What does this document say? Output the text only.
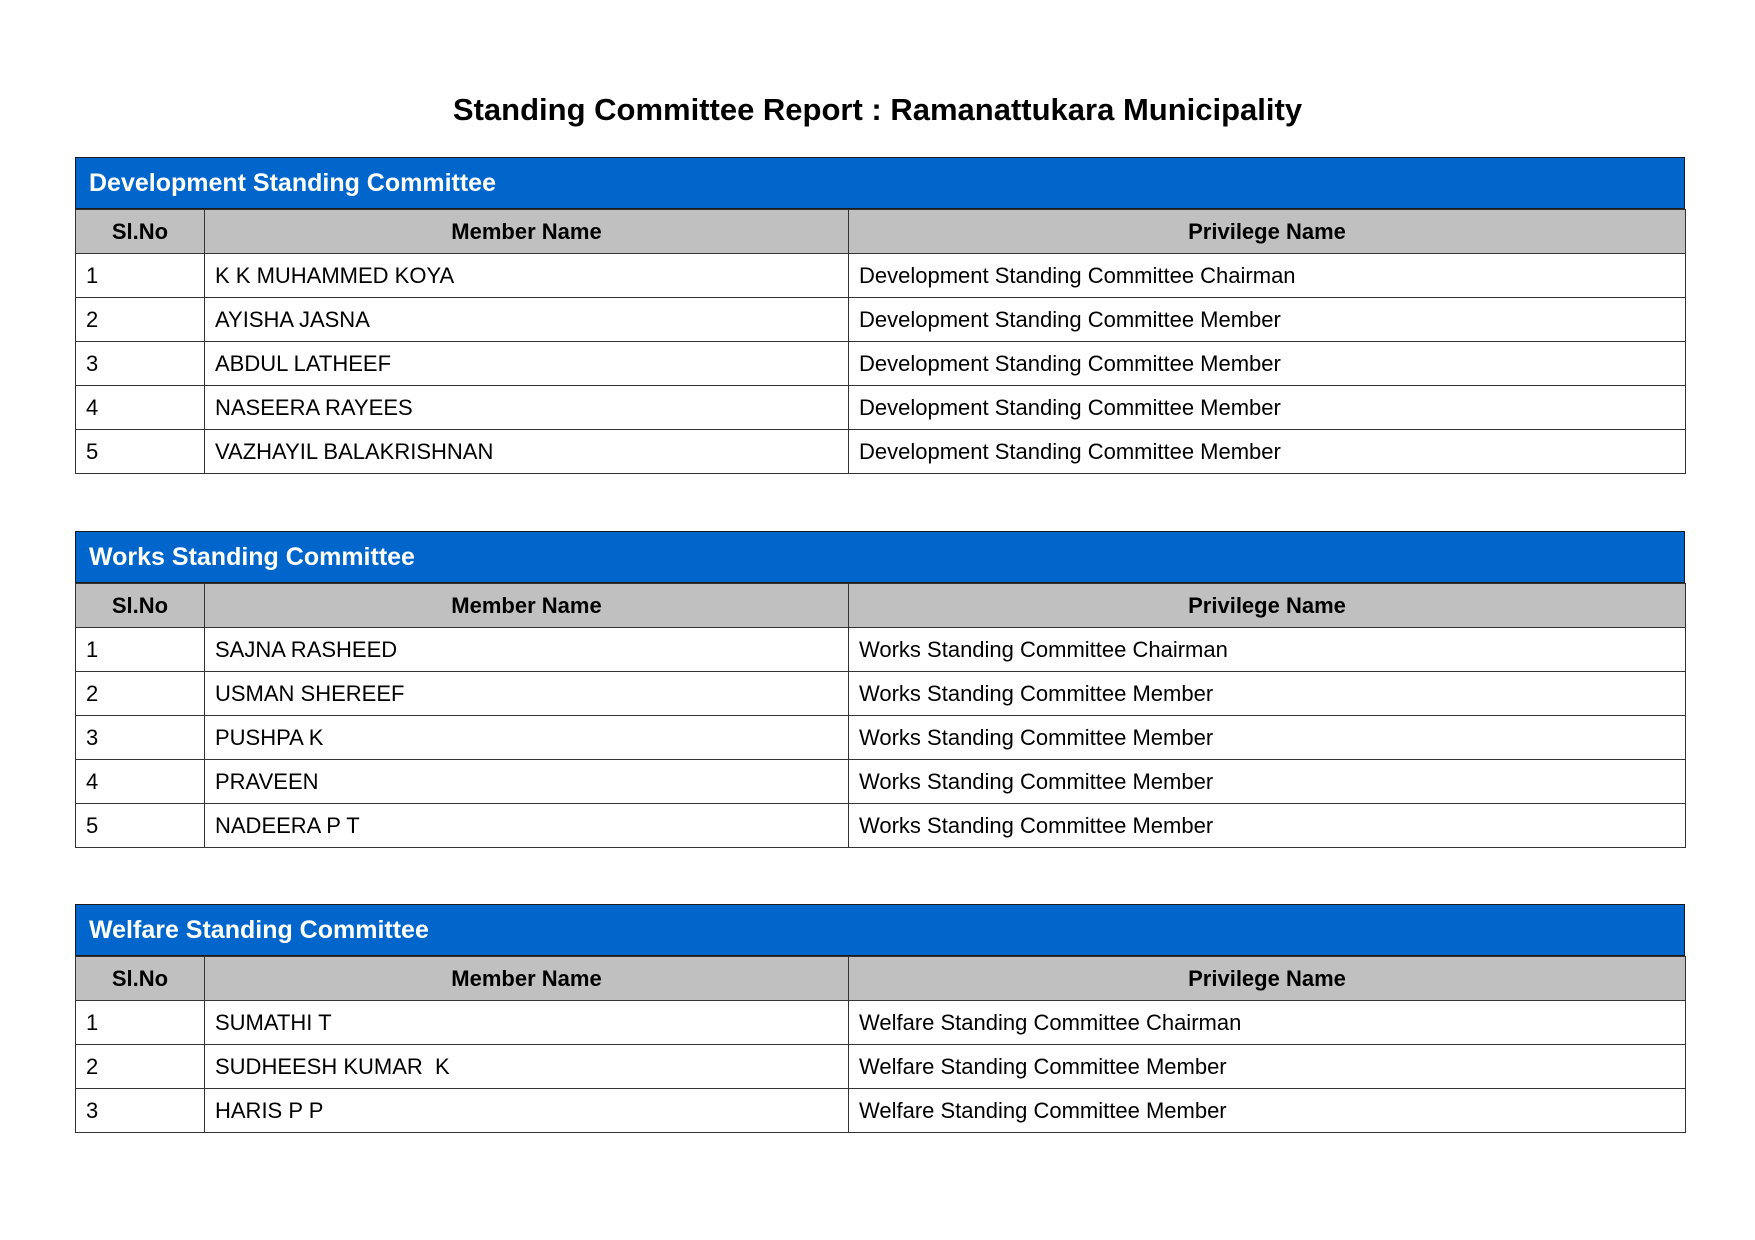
Standing Committee Report : Ramanattukara Municipality
Development Standing Committee
Sl.No	Member Name	Privilege Name
1	K K MUHAMMED KOYA	Development Standing Committee Chairman
2	AYISHA JASNA	Development Standing Committee Member
3	ABDUL LATHEEF	Development Standing Committee Member
4	NASEERA RAYEES	Development Standing Committee Member
5	VAZHAYIL BALAKRISHNAN	Development Standing Committee Member
Works Standing Committee
Sl.No	Member Name	Privilege Name
1	SAJNA RASHEED	Works Standing Committee Chairman
2	USMAN SHEREEF	Works Standing Committee Member
3	PUSHPA K	Works Standing Committee Member
4	PRAVEEN	Works Standing Committee Member
5	NADEERA P T	Works Standing Committee Member
Welfare Standing Committee
Sl.No	Member Name	Privilege Name
1	SUMATHI T	Welfare Standing Committee Chairman
2	SUDHEESH KUMAR  K	Welfare Standing Committee Member
3	HARIS P P	Welfare Standing Committee Member
